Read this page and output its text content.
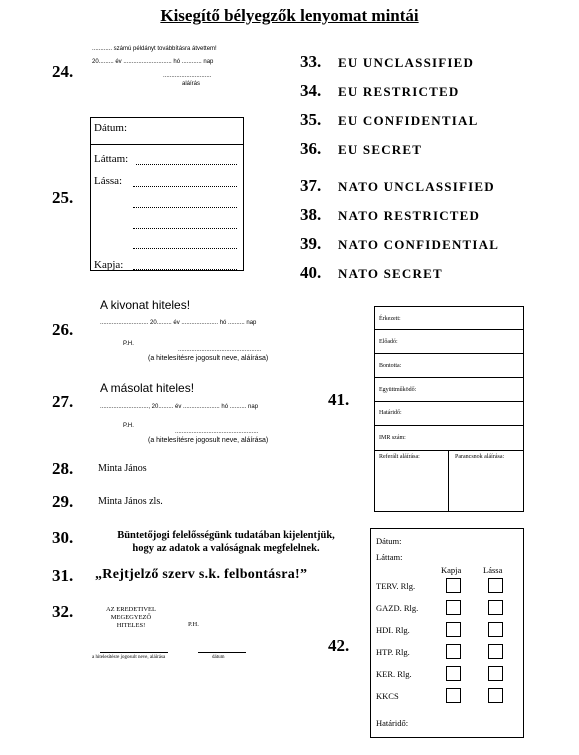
Kisegítő bélyegzők lenyomat mintái
24.
............ számú példányt továbbításra átvettem!
20......... év ............................. hó ............ nap
.............................
aláírás
25.
Dátum:
Láttam:
Lássa:
Kapja:
33. EU UNCLASSIFIED
34. EU RESTRICTED
35. EU CONFIDENTIAL
36. EU SECRET
37. NATO UNCLASSIFIED
38. NATO RESTRICTED
39. NATO CONFIDENTIAL
40. NATO SECRET
26.
A kivonat hiteles!
............................. 20......... év ...................... hó .......... nap
P.H.
..................................................
(a hitelesítésre jogosult neve, aláírása)
27.
A másolat hiteles!
............................., 20......... év ...................... hó .......... nap
P.H.
..................................................
(a hitelesítésre jogosult neve, aláírása)
28. Minta János
29. Minta János zls.
30.	Büntetőjogi felelősségünk tudatában kijelentjük,
hogy az adatok a valóságnak megfelelnek.
31. „Rejtjelző szerv s.k. felbontásra!”
32.	AZ EREDETIVEL
MEGEGYEZŐ
HITELES!	P.H.
a hitelesítésre jogosult neve, aláírása	dátum
41.
Érkezett:
Előadó:
Bontotta:
Együttműködő:
Határidő:
IMR szám:
Referált aláírása:	Parancsnok aláírása:
42.
Dátum:
Láttam:
Kapja	Lássa
TERV. Rlg.
GAZD. Rlg.
HDI. Rlg.
HTP. Rlg.
KER. Rlg.
KKCS
Határidő:
